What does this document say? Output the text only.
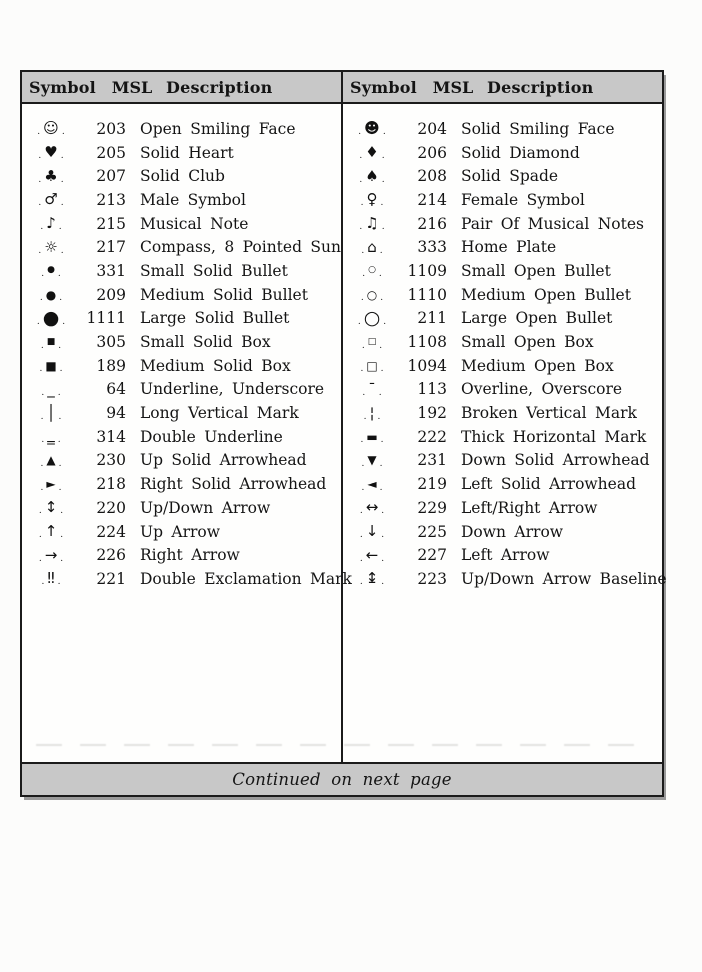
Symbol MSL Description	Symbol MSL Description
. ☺ .	203 Open Smiling Face
. ♥ .	205 Solid Heart
. ♣ .	207 Solid Club
. ♂ .	213 Male Symbol
. ♪ .	215 Musical Note
. ☼ .	217 Compass, 8 Pointed Sun
. ● .	331 Small Solid Bullet
. ● .	209 Medium Solid Bullet
. ● .	1111 Large Solid Bullet
. ■ .	305 Small Solid Box
. ■ .	189 Medium Solid Box
. _ .	64 Underline, Underscore
. │ .	94 Long Vertical Mark
. ‗ .	314 Double Underline
. ▲ .	230 Up Solid Arrowhead
. ► .	218 Right Solid Arrowhead
. ↕ .	220 Up/Down Arrow
. ↑ .	224 Up Arrow
. → .	226 Right Arrow
. ‼ .	221 Double Exclamation Mark
. ☻ .	204 Solid Smiling Face
. ♦ .	206 Solid Diamond
. ♠ .	208 Solid Spade
. ♀ .	214 Female Symbol
. ♫ .	216 Pair Of Musical Notes
. ⌂ .	333 Home Plate
. ○ .	1109 Small Open Bullet
. ○ .	1110 Medium Open Bullet
. ○ .	211 Large Open Bullet
. □ .	1108 Small Open Box
. □ .	1094 Medium Open Box
. ¯ .	113 Overline, Overscore
. ¦ .	192 Broken Vertical Mark
. ▬ .	222 Thick Horizontal Mark
. ▼ .	231 Down Solid Arrowhead
. ◄ .	219 Left Solid Arrowhead
. ↔ .	229 Left/Right Arrow
. ↓ .	225 Down Arrow
. ← .	227 Left Arrow
. ↨ .	223 Up/Down Arrow Baseline
Continued on next page
